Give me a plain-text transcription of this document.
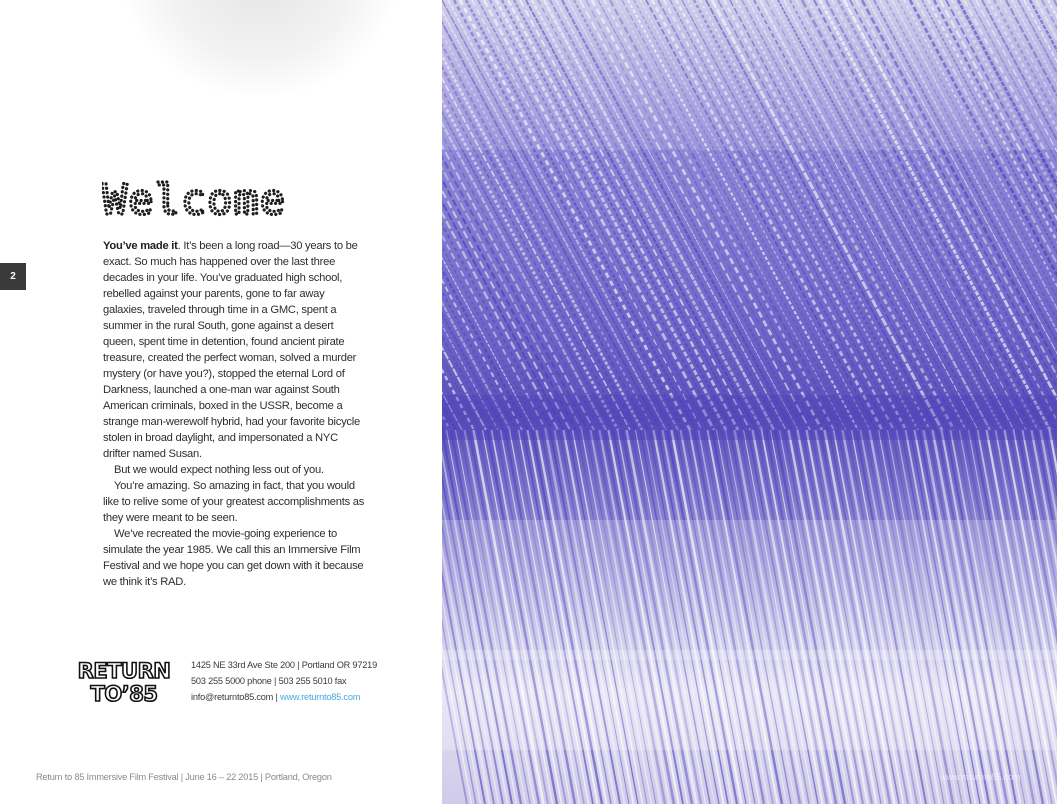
2
Welcome

You’ve made it. It’s been a long road—30 years to be exact. So much has happened over the last three decades in your life. You’ve graduated high school, rebelled against your parents, gone to far away galaxies, traveled through time in a GMC, spent a summer in the rural South, gone against a desert queen, spent time in detention, found ancient pirate treasure, created the perfect woman, solved a murder mystery (or have you?), stopped the eternal Lord of Darkness, launched a one-man war against South American criminals, boxed in the USSR, become a strange man-werewolf hybrid, had your favorite bicycle stolen in broad daylight, and impersonated a NYC drifter named Susan.

But we would expect nothing less out of you.

You’re amazing. So amazing in fact, that you would like to relive some of your greatest accomplishments as they were meant to be seen.

We’ve recreated the movie-going experience to simulate the year 1985. We call this an Immersive Film Festival and we hope you can get down with it because we think it’s RAD.

RETURN
TO’85
1425 NE 33rd Ave Ste 200 | Portland OR 97219
503 255 5000 phone | 503 255 5010 fax
info@returnto85.com | www.returnto85.com
Return to 85 Immersive Film Festival | June 16 – 22 2015 | Portland, Oregon	www.returnto85.com
